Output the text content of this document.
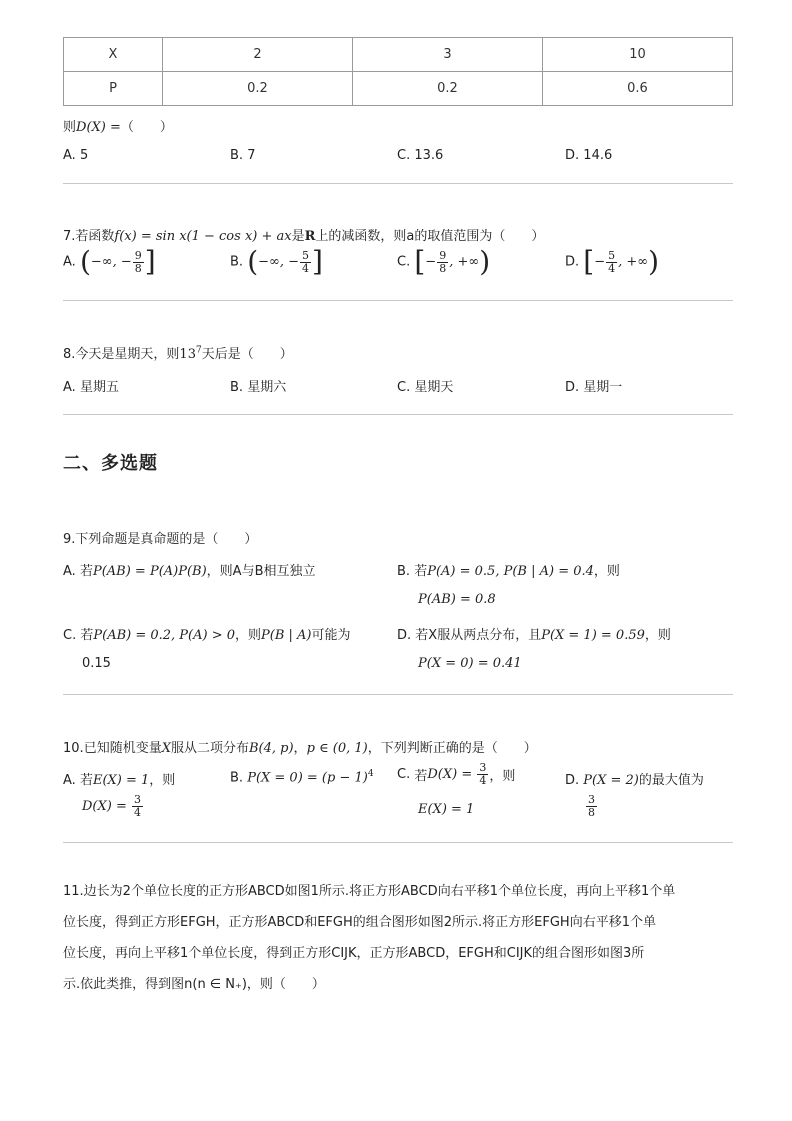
X	2	3	10
P	0.2	0.2	0.6
则D(X) =（　　）
A. 5	B. 7	C. 13.6	D. 14.6
7.若函数f(x) = sin x(1 − cos x) + ax是R上的减函数，则a的取值范围为（　　）
A. (−∞, − $\frac{9}{8}$ ]	B. (−∞, − $\frac{5}{4}$ ]	C. [− $\frac{9}{8}$ , +∞)	D. [− $\frac{5}{4}$ , +∞)
8.今天是星期天，则$13^7$天后是（　　）
A. 星期五	B. 星期六	C. 星期天	D. 星期一
二、多选题
9.下列命题是真命题的是（　　）
A. 若P(AB) = P(A)P(B)，则A与B相互独立	B. 若P(A) = 0.5, P(B | A) = 0.4，则
P(AB) = 0.8
C. 若P(AB) = 0.2, P(A) > 0，则P(B | A)可能为
0.15
D. 若X服从两点分布，且P(X = 1) = 0.59，则
P(X = 0) = 0.41
10.已知随机变量X服从二项分布B(4, p)，p ∈ (0, 1)，下列判断正确的是（　　）
A. 若E(X) = 1，则
$D(X) = \frac{3}{4}$
B. $P(X = 0) = (p - 1)^4$ C. 若$D(X) = \frac{3}{4}$ ，则
E(X) = 1
D. P(X = 2)的最大值为
$\frac{3}{8}$
11.边长为2个单位长度的正方形ABCD如图1所示.将正方形ABCD向右平移1个单位长度，再向上平移1个单
位长度，得到正方形EFGH，正方形ABCD和EFGH的组合图形如图2所示.将正方形EFGH向右平移1个单
位长度，再向上平移1个单位长度，得到正方形CIJK，正方形ABCD，EFGH和CIJK的组合图形如图3所
示.依此类推，得到图n(n ∈ N₊)，则（　　）
